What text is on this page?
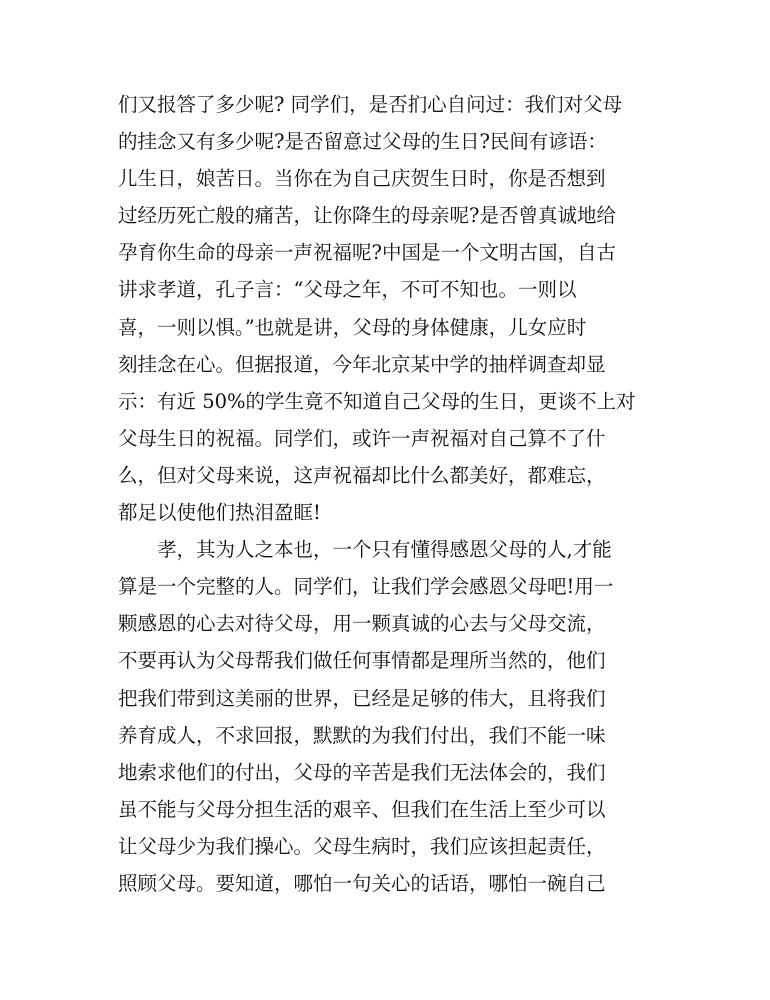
们又报答了多少呢? 同学们，是否扪心自问过：我们对父母
的挂念又有多少呢?是否留意过父母的生日?民间有谚语：
儿生日，娘苦日。当你在为自己庆贺生日时，你是否想到
过经历死亡般的痛苦，让你降生的母亲呢?是否曾真诚地给
孕育你生命的母亲一声祝福呢?中国是一个文明古国，自古
讲求孝道，孔子言：“父母之年，不可不知也。一则以
喜，一则以惧。”也就是讲，父母的身体健康，儿女应时
刻挂念在心。但据报道，今年北京某中学的抽样调查却显
示：有近 50%的学生竟不知道自己父母的生日，更谈不上对
父母生日的祝福。同学们，或许一声祝福对自己算不了什
么，但对父母来说，这声祝福却比什么都美好，都难忘，
都足以使他们热泪盈眶!
　　孝，其为人之本也，一个只有懂得感恩父母的人,才能
算是一个完整的人。同学们，让我们学会感恩父母吧!用一
颗感恩的心去对待父母，用一颗真诚的心去与父母交流，
不要再认为父母帮我们做任何事情都是理所当然的，他们
把我们带到这美丽的世界，已经是足够的伟大，且将我们
养育成人，不求回报，默默的为我们付出，我们不能一味
地索求他们的付出，父母的辛苦是我们无法体会的，我们
虽不能与父母分担生活的艰辛、但我们在生活上至少可以
让父母少为我们操心。父母生病时，我们应该担起责任，
照顾父母。要知道，哪怕一句关心的话语，哪怕一碗自己
